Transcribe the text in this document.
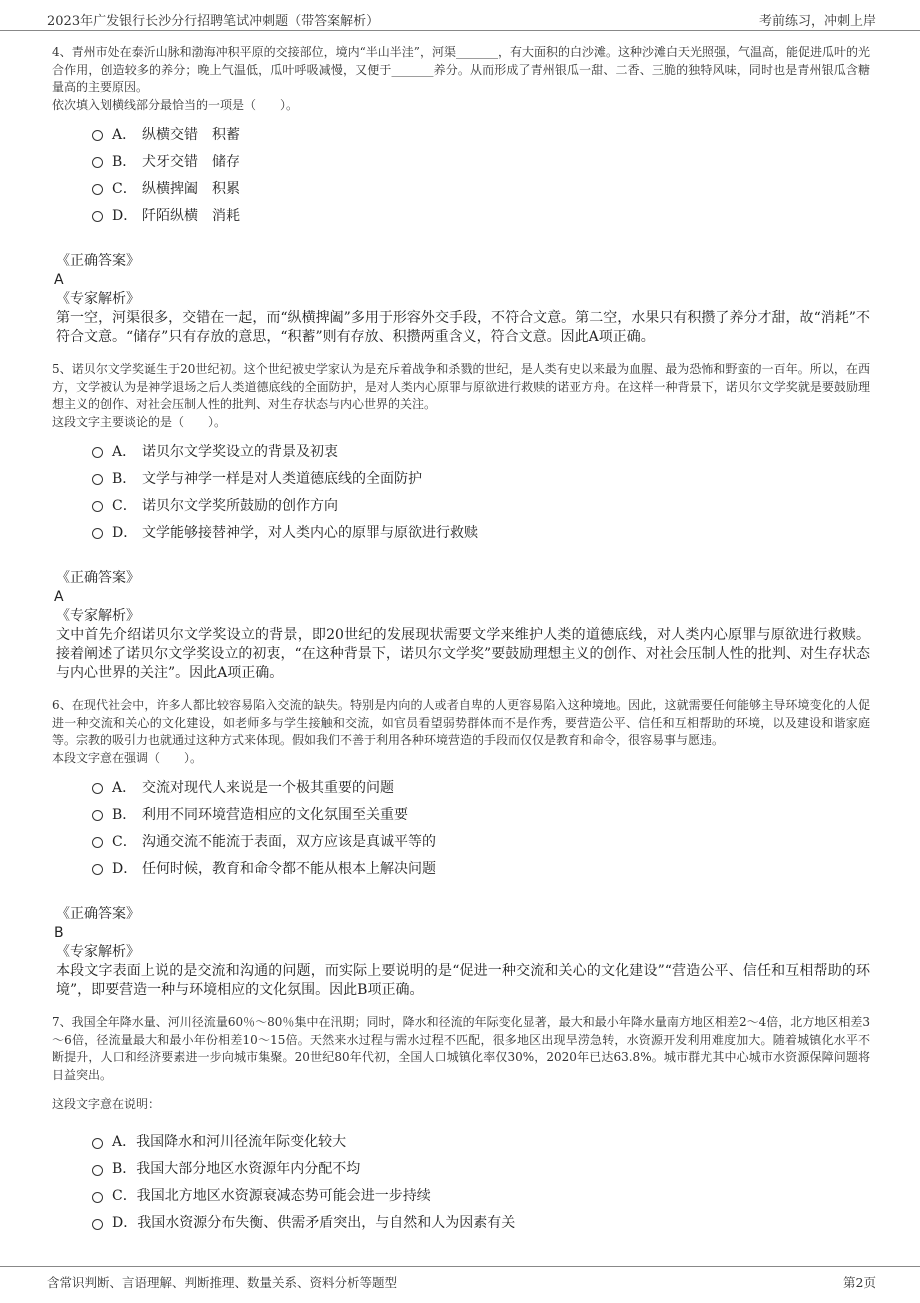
2023年广发银行长沙分行招聘笔试冲刺题（带答案解析）	考前练习，冲刺上岸

4、青州市处在泰沂山脉和渤海冲积平原的交接部位，境内“半山半洼”，河渠_______，有大面积的白沙滩。这种沙滩白天光照强，气温高，能促进瓜叶的光合作用，创造较多的养分；晚上气温低，瓜叶呼吸减慢，又便于_______养分。从而形成了青州银瓜一甜、二香、三脆的独特风味，同时也是青州银瓜含糖量高的主要原因。

依次填入划横线部分最恰当的一项是（　　）。

A． 纵横交错　积蓄
B． 犬牙交错　储存
C． 纵横捭阖　积累
D． 阡陌纵横　消耗
《正确答案》
A
《专家解析》

第一空，河渠很多，交错在一起，而“纵横捭阖”多用于形容外交手段，不符合文意。第二空，水果只有积攒了养分才甜，故“消耗”不符合文意。“储存”只有存放的意思，“积蓄”则有存放、积攒两重含义，符合文意。因此A项正确。

5、诺贝尔文学奖诞生于20世纪初。这个世纪被史学家认为是充斥着战争和杀戮的世纪，是人类有史以来最为血腥、最为恐怖和野蛮的一百年。所以，在西方，文学被认为是神学退场之后人类道德底线的全面防护，是对人类内心原罪与原欲进行救赎的诺亚方舟。在这样一种背景下，诺贝尔文学奖就是要鼓励理想主义的创作、对社会压制人性的批判、对生存状态与内心世界的关注。

这段文字主要谈论的是（　　）。

A． 诺贝尔文学奖设立的背景及初衷
B． 文学与神学一样是对人类道德底线的全面防护
C． 诺贝尔文学奖所鼓励的创作方向
D． 文学能够接替神学，对人类内心的原罪与原欲进行救赎
《正确答案》
A
《专家解析》

文中首先介绍诺贝尔文学奖设立的背景，即20世纪的发展现状需要文学来维护人类的道德底线，对人类内心原罪与原欲进行救赎。接着阐述了诺贝尔文学奖设立的初衷，“在这种背景下，诺贝尔文学奖”要鼓励理想主义的创作、对社会压制人性的批判、对生存状态与内心世界的关注”。因此A项正确。

6、在现代社会中，许多人都比较容易陷入交流的缺失。特别是内向的人或者自卑的人更容易陷入这种境地。因此，这就需要任何能够主导环境变化的人促进一种交流和关心的文化建设，如老师多与学生接触和交流，如官员看望弱势群体而不是作秀，要营造公平、信任和互相帮助的环境，以及建设和谐家庭等。宗教的吸引力也就通过这种方式来体现。假如我们不善于利用各种环境营造的手段而仅仅是教育和命令，很容易事与愿违。

本段文字意在强调（　　）。

A． 交流对现代人来说是一个极其重要的问题
B． 利用不同环境营造相应的文化氛围至关重要
C． 沟通交流不能流于表面，双方应该是真诚平等的
D． 任何时候，教育和命令都不能从根本上解决问题
《正确答案》
B
《专家解析》

本段文字表面上说的是交流和沟通的问题，而实际上要说明的是“促进一种交流和关心的文化建设”“营造公平、信任和互相帮助的环境”，即要营造一种与环境相应的文化氛围。因此B项正确。

7、我国全年降水量、河川径流量60％～80％集中在汛期；同时，降水和径流的年际变化显著，最大和最小年降水量南方地区相差2～4倍，北方地区相差3～6倍，径流量最大和最小年份相差10～15倍。天然来水过程与需水过程不匹配，很多地区出现旱涝急转，水资源开发利用难度加大。随着城镇化水平不断提升，人口和经济要素进一步向城市集聚。20世纪80年代初，全国人口城镇化率仅30%，2020年已达63.8%。城市群尤其中心城市水资源保障问题将日益突出。

这段文字意在说明：

A． 我国降水和河川径流年际变化较大
B． 我国大部分地区水资源年内分配不均
C． 我国北方地区水资源衰减态势可能会进一步持续
D． 我国水资源分布失衡、供需矛盾突出，与自然和人为因素有关
含常识判断、言语理解、判断推理、数量关系、资料分析等题型	第2页
